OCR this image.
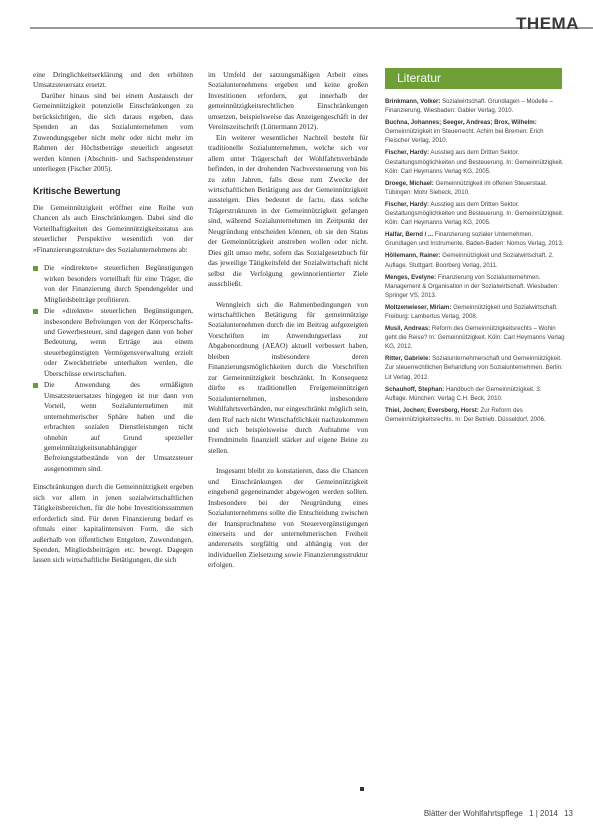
THEMA

eine Dringlichkeitserklärung und den erhöhten Umsatzsteuersatz ersetzt.

Darüber hinaus sind bei einem Austausch der Gemeinnützigkeit potenzielle Einschränkungen zu berücksichtigen, die sich daraus ergeben, dass Spenden an das Sozialunternehmen vom Zuwendungsgeber nicht mehr oder nicht mehr im Rahmen der Höchstbeträge steuerlich angesetzt werden können (Abschnitt- und Sachspendensteuer unterliegen (Fischer 2005).

Kritische Bewertung

Die Gemeinnützigkeit eröffnet eine Reihe von Chancen als auch Einschränkungen. Dabei sind die Vorteilhaftigkeiten des Gemeinnützigkeitsstatus aus steuerlicher Perspektive wesentlich von der »Finanzierungsstruktur« des Sozialunternehmens ab:

Die »indirekten« steuerlichen Begünstigungen wirken besonders vorteilhaft für eine Träger, die von der Finanzierung durch Spendengelder und Mitgliedsbeiträge profitieren.
Die »direkten« steuerlichen Begünstigungen, insbesondere Befreiungen von der Körperschafts- und Gewerbesteuer, sind dagegen dann von hoher Bedeutung, wenn Erträge aus einem steuerbegünstigten Vermögensverwaltung erzielt oder Zweckbetriebe unterhalten werden, die Überschüsse erwirtschaften.
Die Anwendung des ermäßigten Umsatzsteuersatzes hingegen ist nur dann von Vorteil, wenn Sozialunternehmen mit unternehmerischer Sphäre haben und die erbrachten sozialen Dienstleistungen nicht ohnehin auf Grund spezieller gemeinnützigkeitsunabhängiger Befreiungstatbestände von der Umsatzsteuer ausgenommen sind.

Einschränkungen durch die Gemeinnützigkeit ergeben sich vor allem in jenen sozialwirtschaftlichen Tätigkeitsbereichen, für die hohe Investitionssummen erforderlich sind. Für deren Finanzierung bedarf es oftmals einer kapitalintensiven Form, die sich außerhalb von öffentlichen Entgelten, Zuwendungen, Spenden, Mitgliedsbeiträgen etc. bewegt. Dagegen lassen sich wirtschaftliche Betätigungen, die sich

im Umfeld der satzungsmäßigen Arbeit eines Sozialunternehmens ergeben und keine großen Investitionen erfordern, gut innerhalb der gemeinnützigkeitsrechtlichen Einschränkungen umsetzen, beispielsweise das Anzeigengeschäft in der Vereinszeitschrift (Lüttermann 2012).

Ein weiterer wesentlicher Nachteil besteht für traditionelle Sozialunternehmen, welche sich vor allem unter Trägerschaft der Wohlfahrtsverbände befinden, in der drohenden Nachversteuerung von bis zu zehn Jahren, falls diese zum Zwecke der wirtschaftlichen Betätigung aus der Gemeinnützigkeit aussteigen. Dies bedeutet de facto, dass solche Trägerstrukturen in der Gemeinnützigkeit gefangen sind, während Sozialunternehmen im Zeitpunkt der Neugründung entscheiden können, ob sie den Status der Gemeinnützigkeit anstreben wollen oder nicht. Dies gilt umso mehr, sofern das Sozialgesetzbuch für das jeweilige Tätigkeitsfeld der Sozialwirtschaft nicht selbst die Verfolgung gewinnorientierter Ziele ausschließt.

Wenngleich sich die Rahmenbedingungen von wirtschaftlichen Betätigung für gemeinnützige Sozialunternehmen durch die im Beitrag aufgezeigten Vorschriften im Anwendungserlass zur Abgabenordnung (AEAO) aktuell verbessert haben, bleiben insbesondere deren Finanzierungsmöglichkeiten durch die Vorschriften zur Gemeinnützigkeit beschränkt. In Konsequenz dürfte es traditionellen Freigemeinnützigen Sozialunternehmen, insbesondere Wohlfahrtsverbänden, nur eingeschränkt möglich sein, dem Ruf nach nicht Wirtschaftlichkeit nachzukommen und sich beispielsweise durch Aufnahme von Fremdmitteln finanziell stärker auf eigene Beine zu stellen.

Insgesamt bleibt zu konstatieren, dass die Chancen und Einschränkungen der Gemeinnützigkeit eingehend gegeneinander abgewogen werden sollten. Insbesondere bei der Neugründung eines Sozialunternehmens sollte die Entscheidung zwischen der Inanspruchnahme von Steuervergünstigungen einerseits und der unternehmerischen Freiheit andererseits sorgfältig und abhängig von der individuellen Zielsetzung sowie Finanzierungsstruktur erfolgen.

Literatur
Brinkmann, Volker: Sozialwirtschaft. Grundlagen – Modelle – Finanzierung. Wiesbaden: Gabler Verlag, 2010.
Buchna, Johannes; Seeger, Andreas; Brox, Wilhelm: Gemeinnützigkeit im Steuerrecht. Achim bei Bremen: Erich Fleischer Verlag, 2010.
Fischer, Hardy: Ausstieg aus dem Dritten Sektor. Gestaltungsmöglichkeiten und Besteuerung. In: Gemeinnützigkeit. Köln: Carl Heymanns Verlag KG, 2005.
Droege, Michael: Gemeinnützigkeit im offenen Steuerstaat. Tübingen: Mohr Siebeck, 2010.
Fischer, Hardy: Ausstieg aus dem Dritten Sektor. Gestaltungsmöglichkeiten und Besteuerung. In: Gemeinnützigkeit. Köln: Carl Heymanns Verlag KG, 2005.
Halfar, Bernd / ... Finanzierung sozialer Unternehmen. Grundlagen und Instrumente. Baden-Baden: Nomos Verlag, 2013.
Höllemann, Rainer: Gemeinnützigkeit und Sozialwirtschaft. 2. Auflage. Stuttgart: Boorberg Verlag, 2011.
Menges, Evelyne: Finanzierung von Sozialunternehmen. Management & Organisation in der Sozialwirtschaft. Wiesbaden: Springer VS, 2013.
Moltzenwieser, Miriam: Gemeinnützigkeit und Sozialwirtschaft. Freiburg: Lambertus Verlag, 2008.
Musil, Andreas: Reform des Gemeinnützigkeitsrechts – Wohin geht die Reise? In: Gemeinnützigkeit. Köln: Carl Heymanns Verlag KG, 2012.
Ritter, Gabriele: Sozialunternehmerschaft und Gemeinnützigkeit. Zur steuerrechtlichen Behandlung von Sozialunternehmen. Berlin: Lit Verlag, 2012.
Schauhoff, Stephan: Handbuch der Gemeinnützigkeit. 3. Auflage. München: Verlag C.H. Beck, 2010.
Thiel, Jochen; Eversberg, Horst: Zur Reform des Gemeinnützigkeitsrechts. In: Der Betrieb. Düsseldorf, 2006.
Blätter der Wohlfahrtspflege 1 | 2014 13
